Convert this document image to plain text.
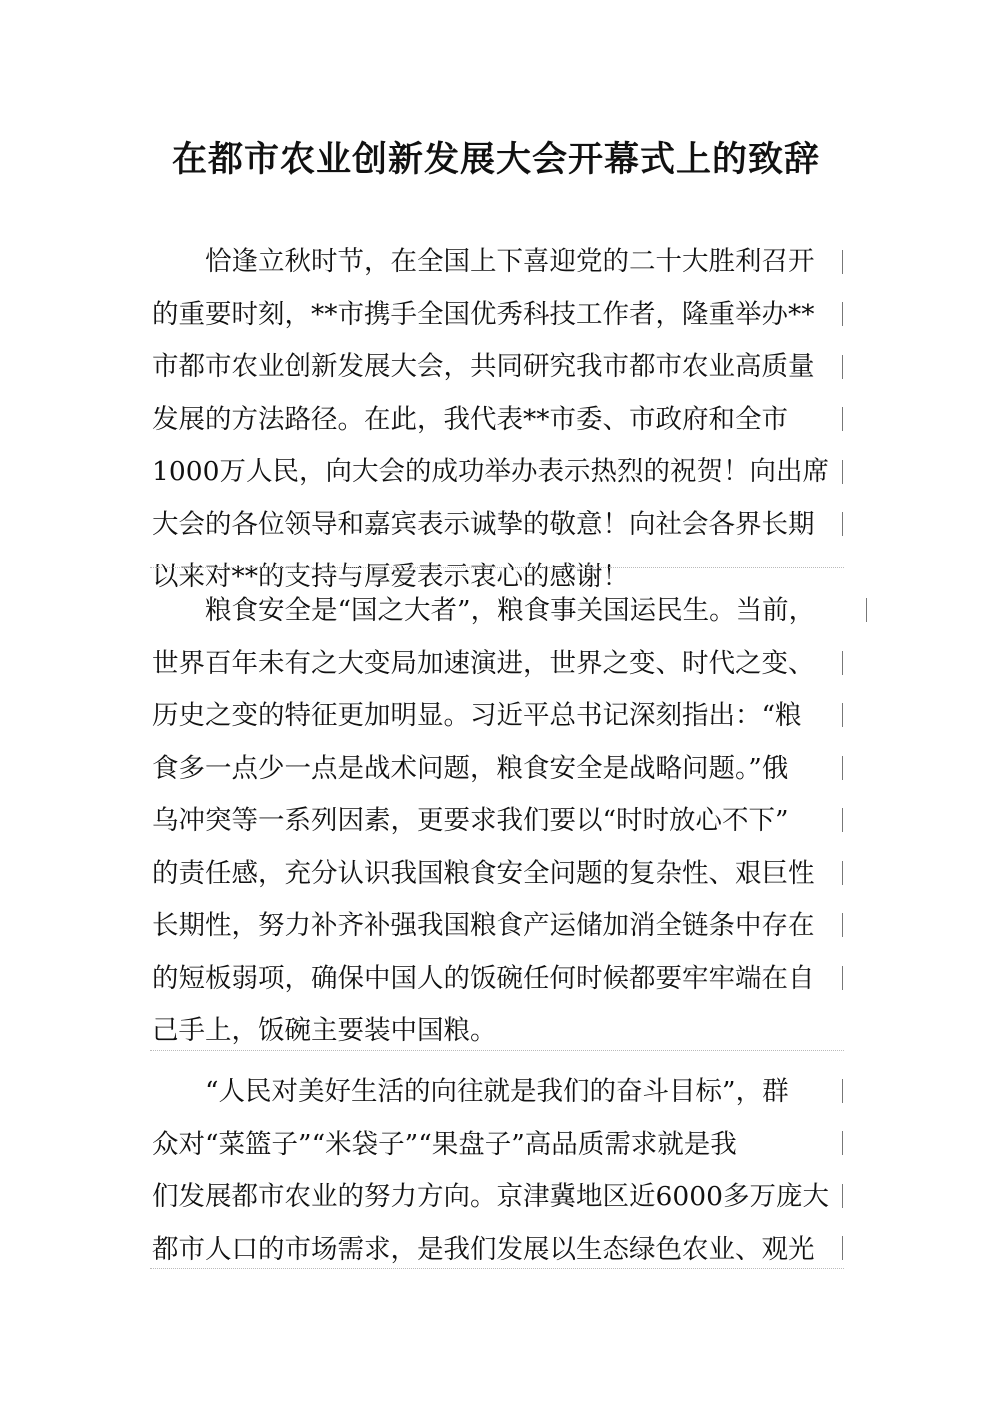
在都市农业创新发展大会开幕式上的致辞

　　恰逢立秋时节，在全国上下喜迎党的二十大胜利召开
的重要时刻，**市携手全国优秀科技工作者，隆重举办**
市都市农业创新发展大会，共同研究我市都市农业高质量
发展的方法路径。在此，我代表**市委、市政府和全市
1000万人民，向大会的成功举办表示热烈的祝贺！向出席
大会的各位领导和嘉宾表示诚挚的敬意！向社会各界长期
以来对**的支持与厚爱表示衷心的感谢！

　　粮食安全是“国之大者”，粮食事关国运民生。当前，
世界百年未有之大变局加速演进，世界之变、时代之变、
历史之变的特征更加明显。习近平总书记深刻指出：“粮
食多一点少一点是战术问题，粮食安全是战略问题。”俄
乌冲突等一系列因素，更要求我们要以“时时放心不下”
的责任感，充分认识我国粮食安全问题的复杂性、艰巨性
长期性，努力补齐补强我国粮食产运储加消全链条中存在
的短板弱项，确保中国人的饭碗任何时候都要牢牢端在自
己手上，饭碗主要装中国粮。

　　“人民对美好生活的向往就是我们的奋斗目标”，群
众对“菜篮子”“米袋子”“果盘子”高品质需求就是我
们发展都市农业的努力方向。京津冀地区近6000多万庞大
都市人口的市场需求，是我们发展以生态绿色农业、观光
